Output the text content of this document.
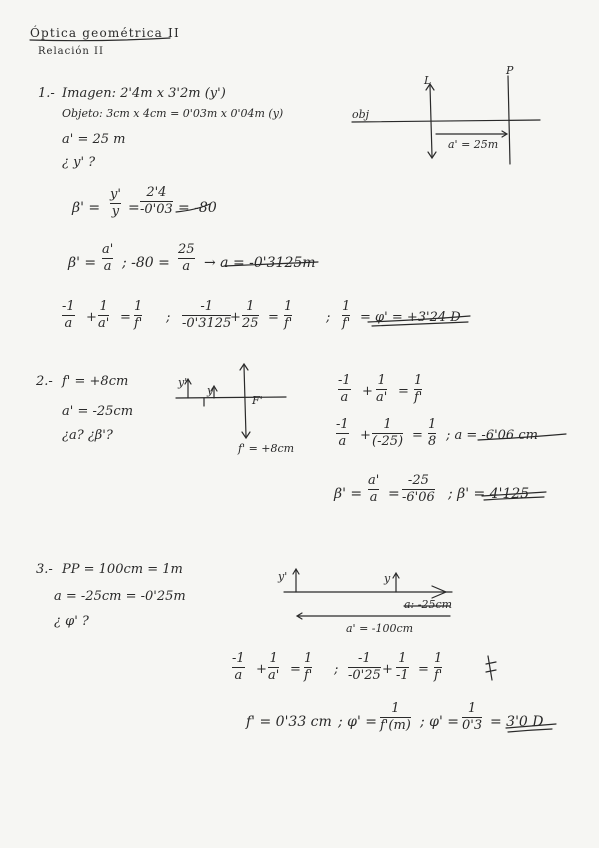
Óptica geométrica II
Relación II
1.- Imagen: 2'4m x 3'2m (y')
Objeto: 3cm x 4cm = 0'03m x 0'04m (y)
a' = 25 m
¿ y' ?
L
P
obj
a' = 25m
β' =
y'
y =
2'4
-0'03 = -80
β' =
a'
a ; -80 =
25
a → a = -0'3125m
-1
a +
1
a' =
1
f' ;
-1
-0'3125
+
1
25 =
1
f'	;
1
f' = φ' = +3'24 D
2.- f' = +8cm
a' = -25cm
¿a? ¿β'?
y'
y
F'
f' = +8cm
-1
a +
1
a' =
1
f'
-1
a +
1
(-25) =
1
8 ; a = -6'06 cm
β' =
a'
a =
-25
-6'06 ; β' = 4'125
3.- PP = 100cm = 1m
a = -25cm = -0'25m
¿ φ' ?
y'	y
a: -25cm
a' = -100cm
-1
a +
1
a' =
1
f' ;
-1
-0'25 +
1
-1 =
1
f'
f' = 0'33 cm ; φ' =
1
f'(m) ; φ' =
1
0'3 = 3'0 D
